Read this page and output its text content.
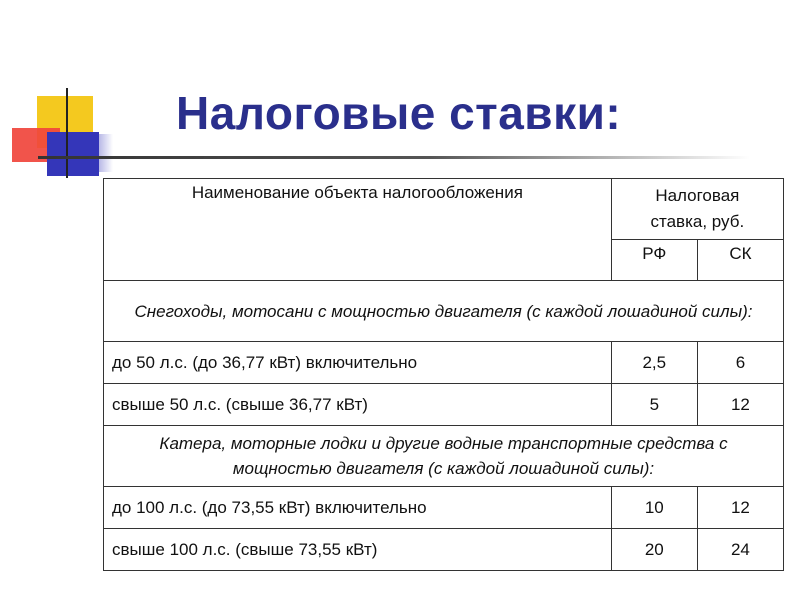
Налоговые ставки:
Наименование объекта налогообложения	Налоговая
ставка, руб.	
	РФ	СК
Снегоходы, мотосани с мощностью двигателя (с каждой лошадиной силы):		
до 50 л.с. (до 36,77 кВт) включительно	2,5	6
свыше 50 л.с. (свыше 36,77 кВт)	5	12
Катера, моторные лодки и другие водные транспортные средства с мощностью двигателя (с каждой лошадиной силы):		
до 100 л.с. (до 73,55 кВт) включительно	10	12
свыше 100 л.с. (свыше 73,55 кВт)	20	24
